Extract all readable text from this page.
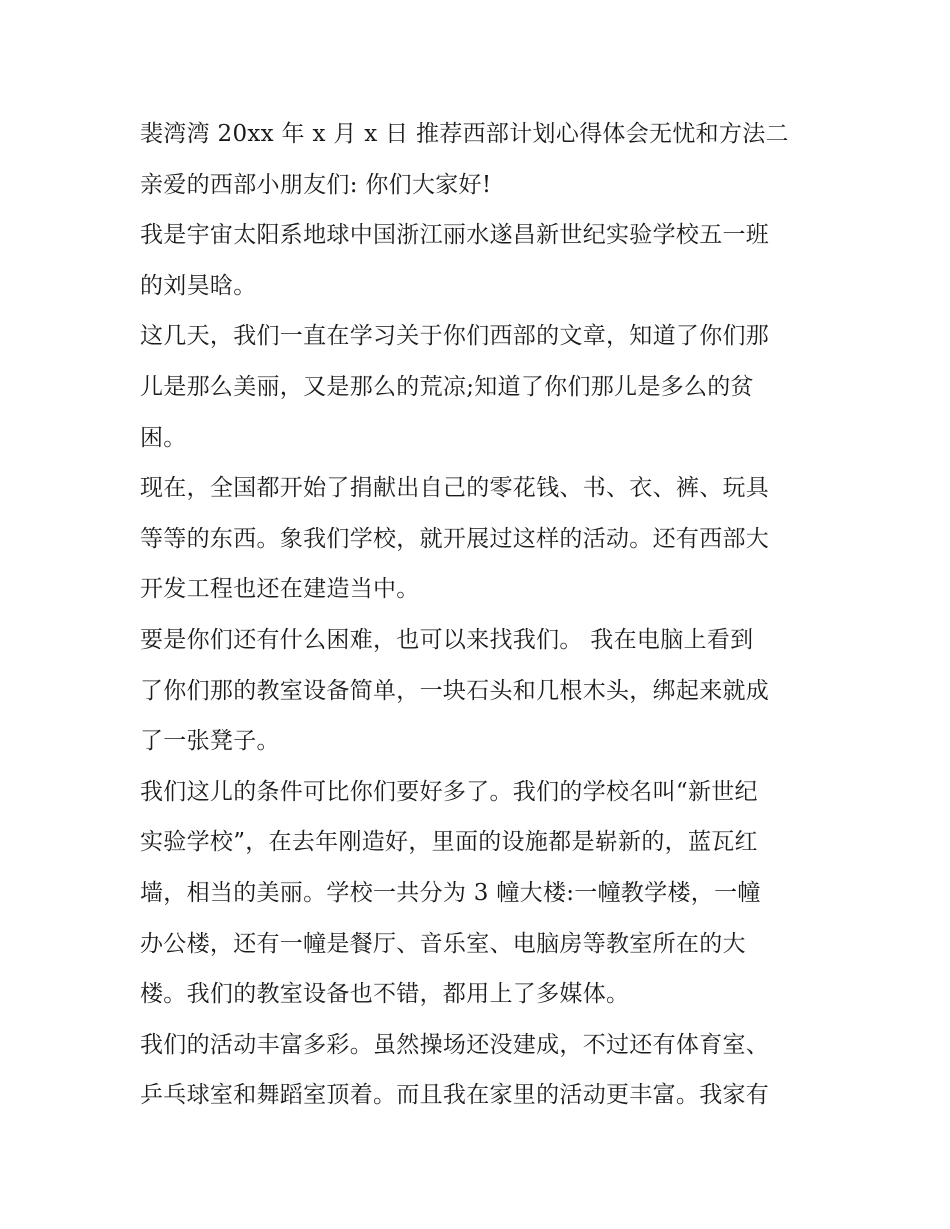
裴湾湾 20xx 年 x 月 x 日 推荐西部计划心得体会无忧和方法二
亲爱的西部小朋友们: 你们大家好!
我是宇宙太阳系地球中国浙江丽水遂昌新世纪实验学校五一班
的刘昊晗。
这几天，我们一直在学习关于你们西部的文章，知道了你们那
儿是那么美丽，又是那么的荒凉;知道了你们那儿是多么的贫
困。
现在，全国都开始了捐献出自己的零花钱、书、衣、裤、玩具
等等的东西。象我们学校，就开展过这样的活动。还有西部大
开发工程也还在建造当中。
要是你们还有什么困难，也可以来找我们。 我在电脑上看到
了你们那的教室设备简单，一块石头和几根木头，绑起来就成
了一张凳子。
我们这儿的条件可比你们要好多了。我们的学校名叫“新世纪
实验学校”，在去年刚造好，里面的设施都是崭新的，蓝瓦红
墙，相当的美丽。学校一共分为 3 幢大楼:一幢教学楼，一幢
办公楼，还有一幢是餐厅、音乐室、电脑房等教室所在的大
楼。我们的教室设备也不错，都用上了多媒体。
我们的活动丰富多彩。虽然操场还没建成，不过还有体育室、
乒乓球室和舞蹈室顶着。而且我在家里的活动更丰富。我家有
